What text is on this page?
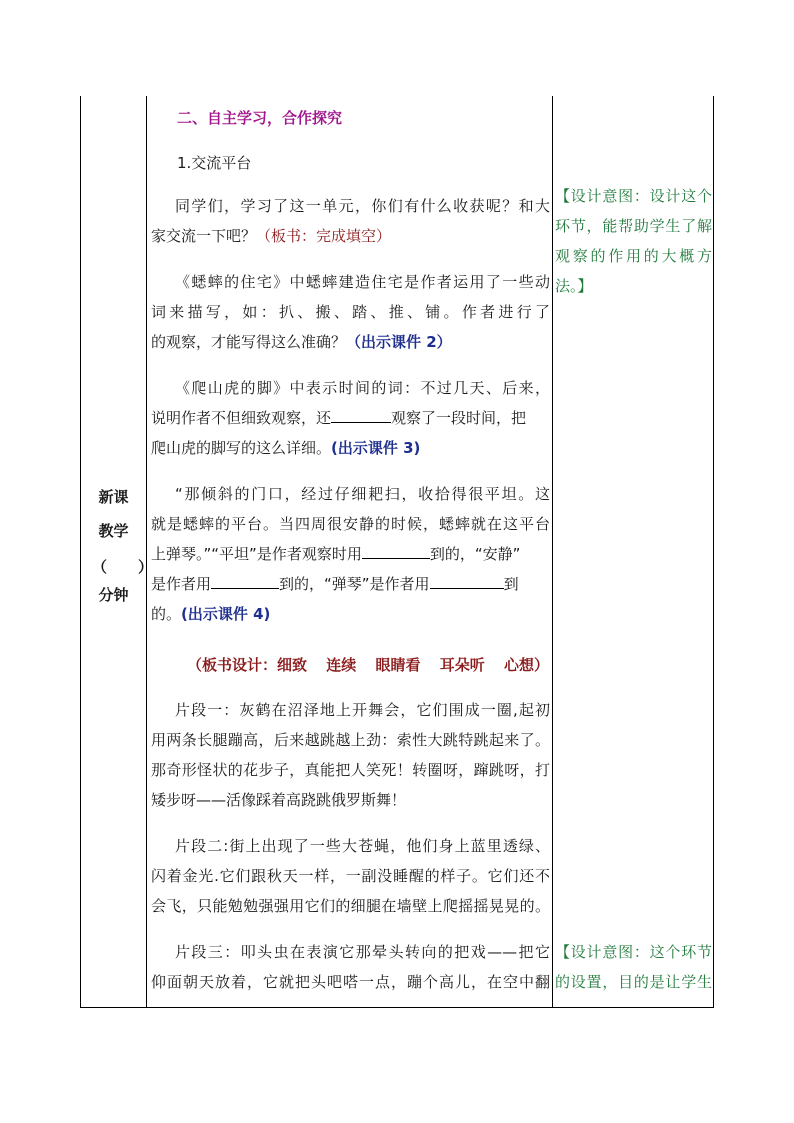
新课
教学
分钟
（ ）
二、自主学习，合作探究
1.交流平台
同学们，学习了这一单元，你们有什么收获呢？和大
家交流一下吧？（板书：完成填空）
《蟋蟀的住宅》中蟋蟀建造住宅是作者运用了一些动
词来描写，如：扒、搬、踏、推、铺。作者进行了
的观察，才能写得这么准确？（出示课件 2）
《爬山虎的脚》中表示时间的词：不过几天、后来，
说明作者不但细致观察，还	观察了一段时间，把
爬山虎的脚写的这么详细。(出示课件 3)
“那倾斜的门口，经过仔细耙扫，收拾得很平坦。这
就是蟋蟀的平台。当四周很安静的时候，蟋蟀就在这平台
上弹琴。”“平坦”是作者观察时用	到的，“安静”
是作者用	到的，“弹琴”是作者用	到
的。(出示课件 4)
（板书设计：细致 连续 眼睛看 耳朵听 心想）
片段一：灰鹤在沼泽地上开舞会，它们围成一圈,起初
用两条长腿蹦高，后来越跳越上劲：索性大跳特跳起来了。
那奇形怪状的花步子，真能把人笑死！转圈呀，蹿跳呀，打
矮步呀——活像踩着高跷跳俄罗斯舞！
片段二:街上出现了一些大苍蝇，他们身上蓝里透绿、
闪着金光.它们跟秋天一样，一副没睡醒的样子。它们还不
会飞，只能勉勉强强用它们的细腿在墙壁上爬摇摇晃晃的。
片段三：叩头虫在表演它那晕头转向的把戏——把它
仰面朝天放着，它就把头吧嗒一点，蹦个高儿，在空中翻
【设计意图：设计这个
环节，能帮助学生了解
观察的作用的大概方
法。】
【设计意图：这个环节
的设置，目的是让学生
